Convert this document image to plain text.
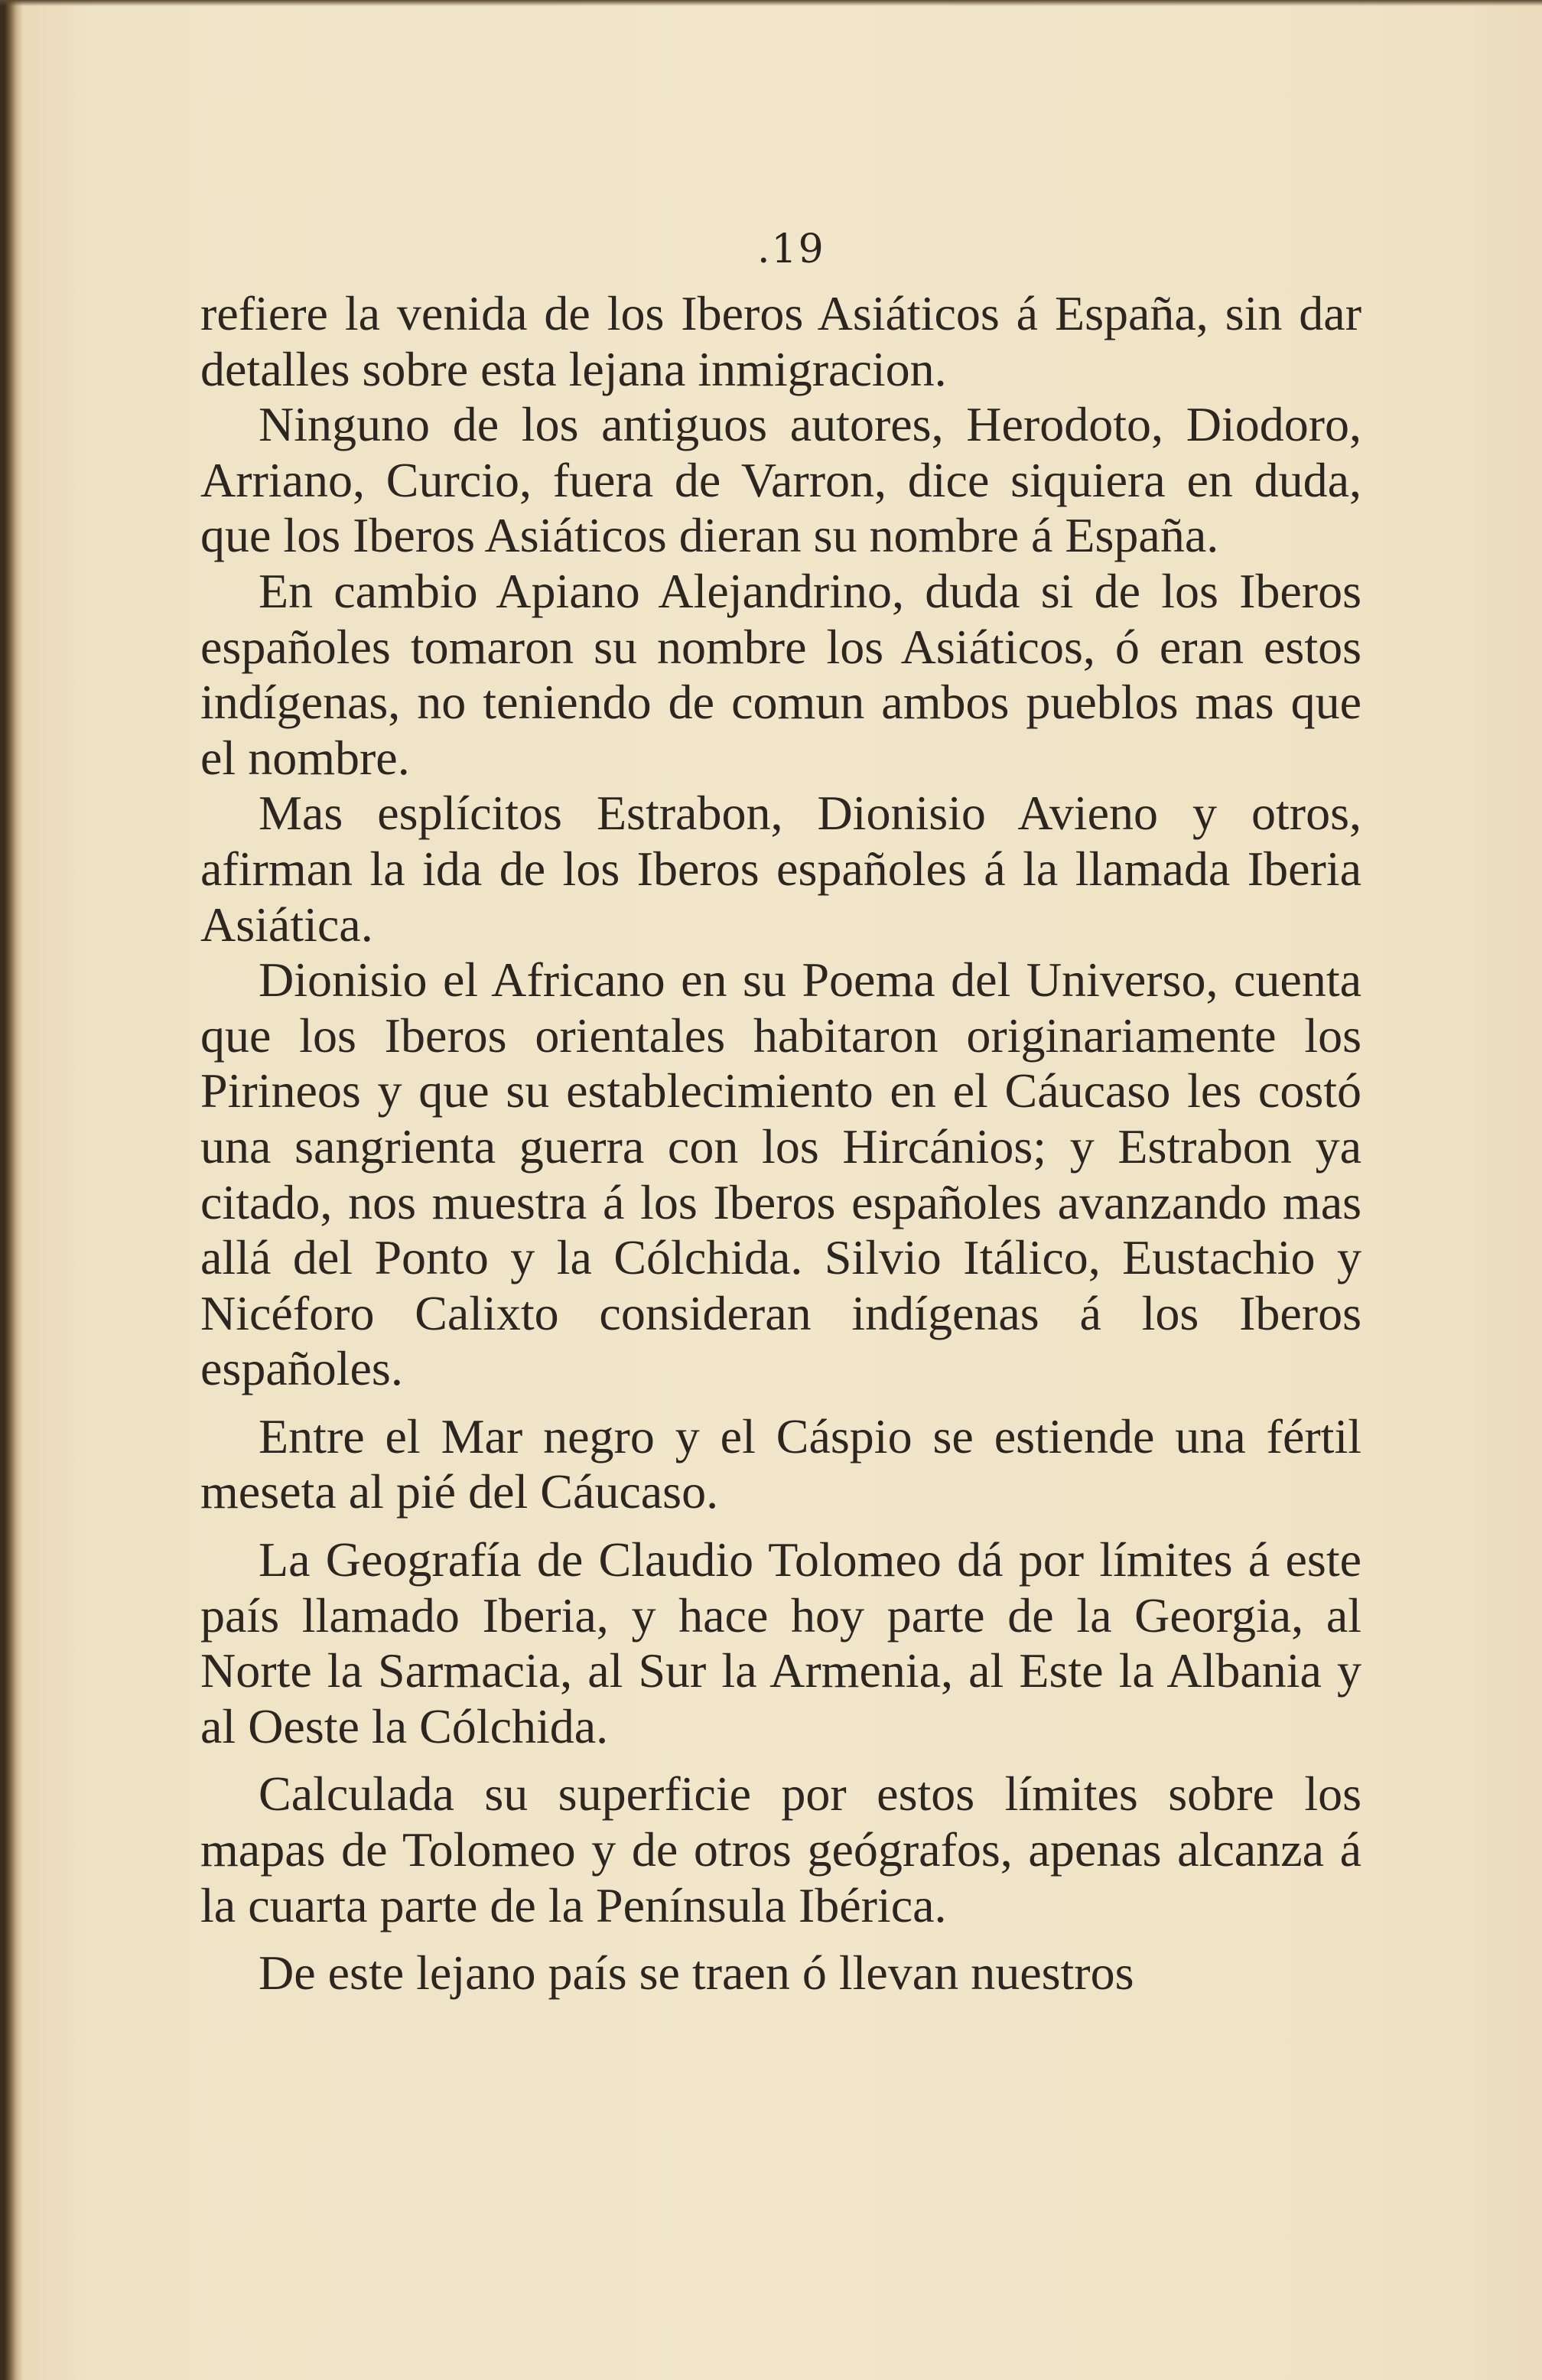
.19

refiere la venida de los Iberos Asiáticos á España, sin dar detalles sobre esta lejana inmigracion.

Ninguno de los antiguos autores, Herodoto, Diodoro, Arriano, Curcio, fuera de Varron, dice siquiera en duda, que los Iberos Asiáticos dieran su nombre á España.

En cambio Apiano Alejandrino, duda si de los Iberos españoles tomaron su nombre los Asiáticos, ó eran estos indígenas, no teniendo de comun ambos pueblos mas que el nombre.

Mas esplícitos Estrabon, Dionisio Avieno y otros, afirman la ida de los Iberos españoles á la llamada Iberia Asiática.

Dionisio el Africano en su Poema del Universo, cuenta que los Iberos orientales habitaron originariamente los Pirineos y que su establecimiento en el Cáucaso les costó una sangrienta guerra con los Hircánios; y Estrabon ya citado, nos muestra á los Iberos españoles avanzando mas allá del Ponto y la Cólchida. Silvio Itálico, Eustachio y Nicéforo Calixto consideran indígenas á los Iberos españoles.

Entre el Mar negro y el Cáspio se estiende una fértil meseta al pié del Cáucaso.

La Geografía de Claudio Tolomeo dá por límites á este país llamado Iberia, y hace hoy parte de la Georgia, al Norte la Sarmacia, al Sur la Armenia, al Este la Albania y al Oeste la Cólchida.

Calculada su superficie por estos límites sobre los mapas de Tolomeo y de otros geógrafos, apenas alcanza á la cuarta parte de la Península Ibérica.

De este lejano país se traen ó llevan nuestros
